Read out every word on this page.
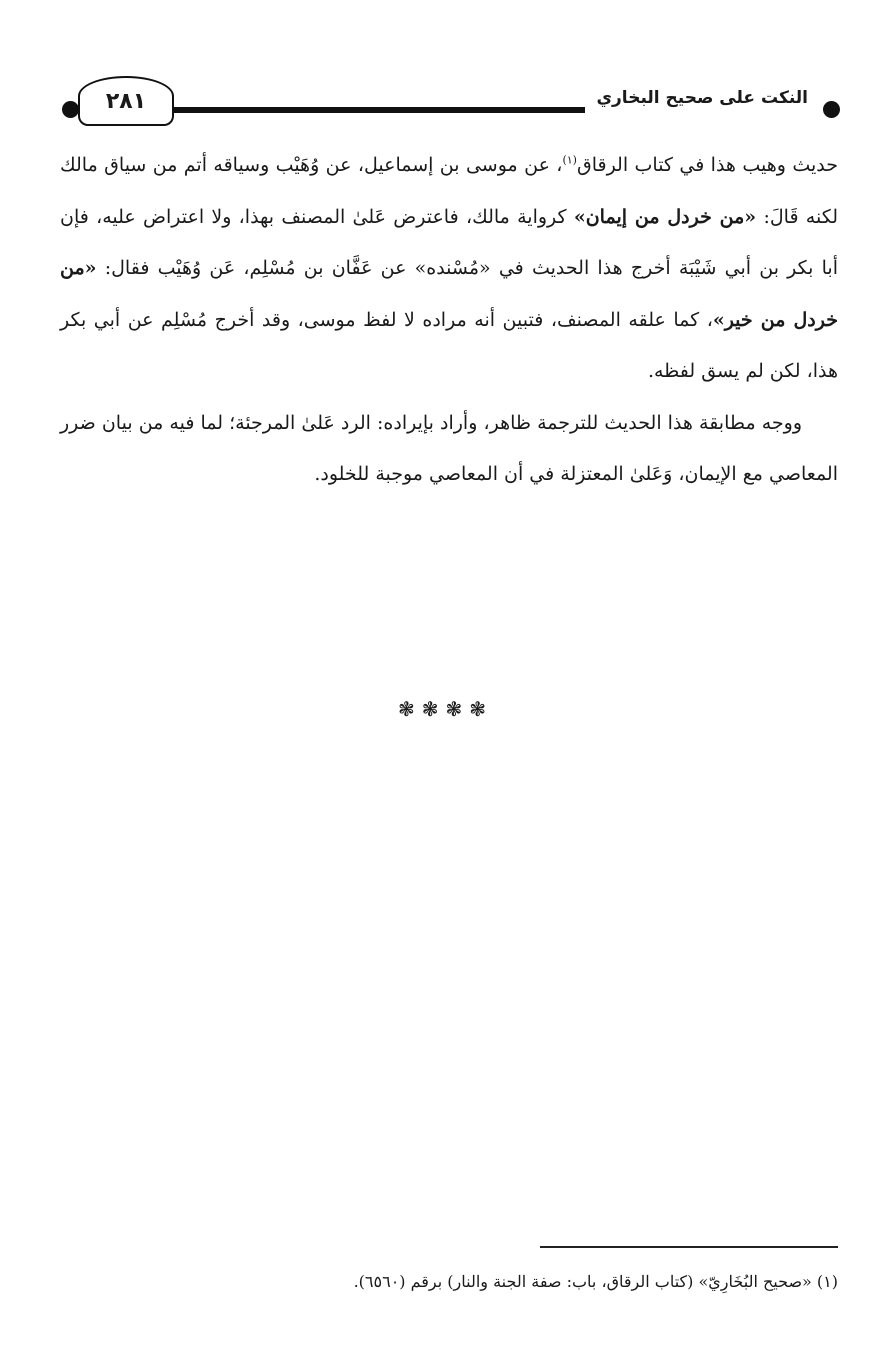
النكت على صحيح البخاري
٢٨١

حديث وهيب هذا في كتاب الرقاق$^{(١)}$، عن موسى بن إسماعيل، عن وُهَيْب وسياقه أتم من سياق مالك لكنه قَالَ: «من خردل من إيمان» كرواية مالك، فاعترض عَلىٰ المصنف بهذا، ولا اعتراض عليه، فإن أبا بكر بن أبي شَيْبَة أخرج هذا الحديث في «مُسْنده» عن عَفَّان بن مُسْلِم، عَن وُهَيْب فقال: «من خردل من خير»، كما علقه المصنف، فتبين أنه مراده لا لفظ موسى، وقد أخرج مُسْلِم عن أبي بكر هذا، لكن لم يسق لفظه.

ووجه مطابقة هذا الحديث للترجمة ظاهر، وأراد بإيراده: الرد عَلىٰ المرجئة؛ لما فيه من بيان ضرر المعاصي مع الإيمان، وَعَلىٰ المعتزلة في أن المعاصي موجبة للخلود.

❃❃❃❃
(١) «صحيح البُخَارِيّ» (كتاب الرقاق، باب: صفة الجنة والنار) برقم (٦٥٦٠).
